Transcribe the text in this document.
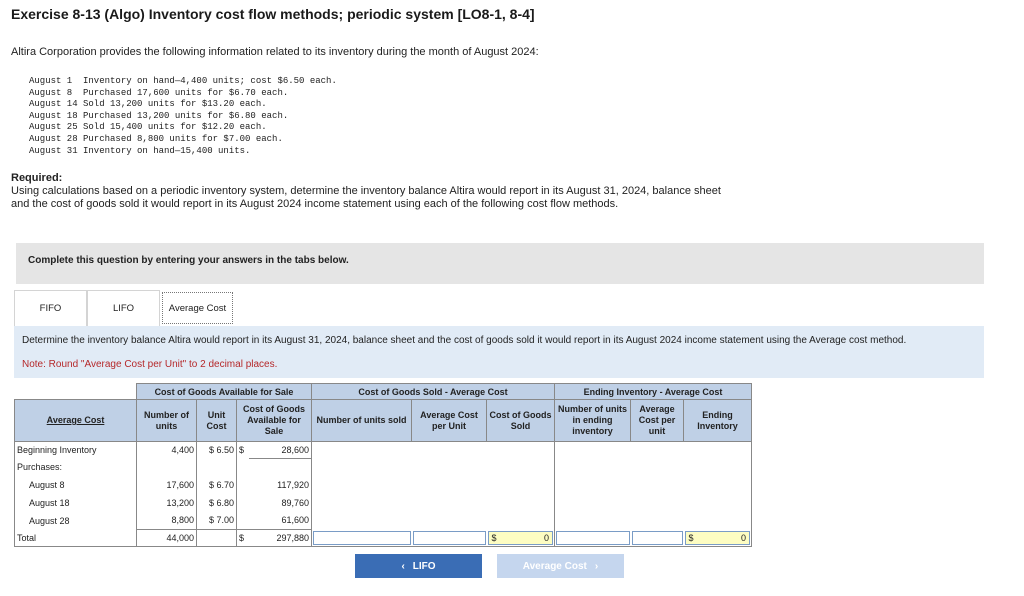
Exercise 8-13 (Algo) Inventory cost flow methods; periodic system [LO8-1, 8-4]
Altira Corporation provides the following information related to its inventory during the month of August 2024:
August 1  Inventory on hand—4,400 units; cost $6.50 each.
August 8  Purchased 17,600 units for $6.70 each.
August 14 Sold 13,200 units for $13.20 each.
August 18 Purchased 13,200 units for $6.80 each.
August 25 Sold 15,400 units for $12.20 each.
August 28 Purchased 8,800 units for $7.00 each.
August 31 Inventory on hand—15,400 units.
Required:
Using calculations based on a periodic inventory system, determine the inventory balance Altira would report in its August 31, 2024, balance sheet and the cost of goods sold it would report in its August 2024 income statement using each of the following cost flow methods.
Complete this question by entering your answers in the tabs below.
FIFO	LIFO	Average Cost
Determine the inventory balance Altira would report in its August 31, 2024, balance sheet and the cost of goods sold it would report in its August 2024 income statement using the Average cost method.
Note: Round "Average Cost per Unit" to 2 decimal places.
	Cost of Goods Available for Sale				Cost of Goods Sold - Average Cost				Ending Inventory - Average Cost			
Average Cost	Number of units	Unit Cost	Cost of Goods Available for Sale		Number of units sold	Average Cost per Unit	Cost of Goods Sold		Number of units in ending inventory	Average Cost per unit	Ending Inventory	
Beginning Inventory	4,400	$ 6.50	$	28,600								
Purchases:												
August 8	17,600	$ 6.70		117,920								
August 18	13,200	$ 6.80		89,760								
August 28	8,800	$ 7.00		61,600								
Total	44,000		$	297,880			$ 0				$ 0	
‹ LIFO	Average Cost ›
